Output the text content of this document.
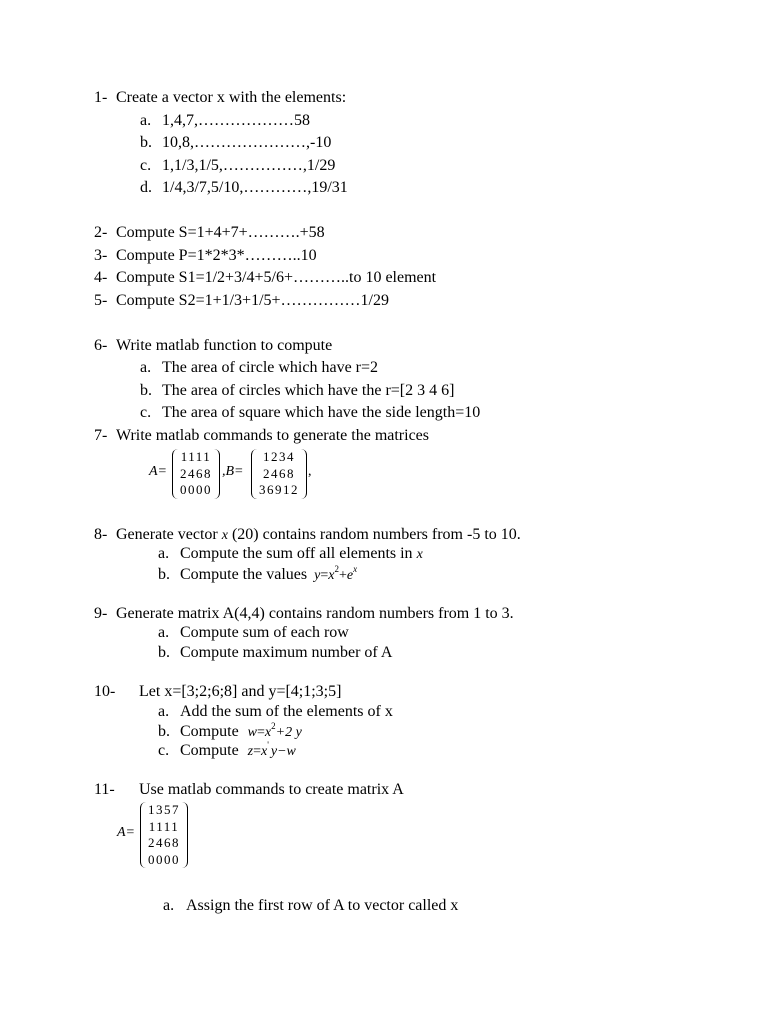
1- Create a vector x with the elements:
a. 1,4,7,………………58
b. 10,8,…………………,-10
c. 1,1/3,1/5,……………,1/29
d. 1/4,3/7,5/10,…………,19/31
2- Compute S=1+4+7+……….+58
3- Compute P=1*2*3*………..10
4- Compute S1=1/2+3/4+5/6+………..to 10 element
5- Compute S2=1+1/3+1/5+……………1/29
6- Write matlab function to compute
a. The area of circle which have r=2
b. The area of circles which have the r=[2 3 4 6]
c. The area of square which have the side length=10
7- Write matlab commands to generate the matrices
A=
1111
2468
0000
,B=
1234
2468
36912
,
8- Generate vector x (20) contains random numbers from -5 to 10.
a. Compute the sum off all elements in x
b. Compute the values $y=x^2+e^x$
9- Generate matrix A(4,4) contains random numbers from 1 to 3.
a. Compute sum of each row
b. Compute maximum number of A
10- Let x=[3;2;6;8] and y=[4;1;3;5]
a. Add the sum of the elements of x
b. Compute $w=x^2+2$ y
c. Compute z=x' y−w
11- Use matlab commands to create matrix A
A=
1357
1111
2468
0000
a. Assign the first row of A to vector called x
